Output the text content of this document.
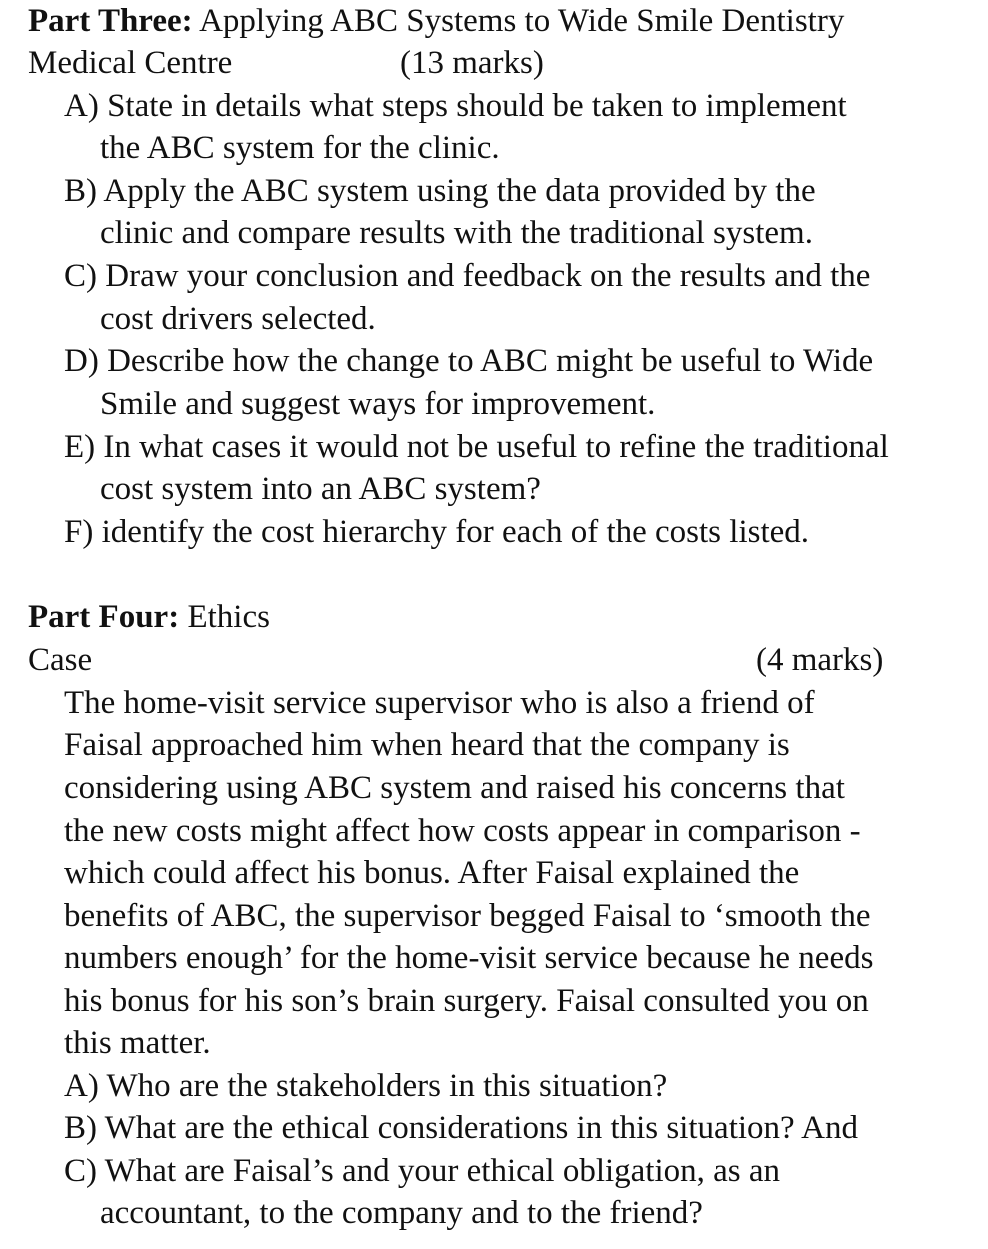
Part Three: Applying ABC Systems to Wide Smile Dentistry
Medical Centre	(13 marks)
A) State in details what steps should be taken to implement
the ABC system for the clinic.
B) Apply the ABC system using the data provided by the
clinic and compare results with the traditional system.
C) Draw your conclusion and feedback on the results and the
cost drivers selected.
D) Describe how the change to ABC might be useful to Wide
Smile and suggest ways for improvement.
E) In what cases it would not be useful to refine the traditional
cost system into an ABC system?
F) identify the cost hierarchy for each of the costs listed.
Part Four: Ethics
Case	(4 marks)
The home-visit service supervisor who is also a friend of
Faisal approached him when heard that the company is
considering using ABC system and raised his concerns that
the new costs might affect how costs appear in comparison -
which could affect his bonus. After Faisal explained the
benefits of ABC, the supervisor begged Faisal to ‘smooth the
numbers enough’ for the home-visit service because he needs
his bonus for his son’s brain surgery. Faisal consulted you on
this matter.
A) Who are the stakeholders in this situation?
B) What are the ethical considerations in this situation? And
C) What are Faisal’s and your ethical obligation, as an
accountant, to the company and to the friend?
